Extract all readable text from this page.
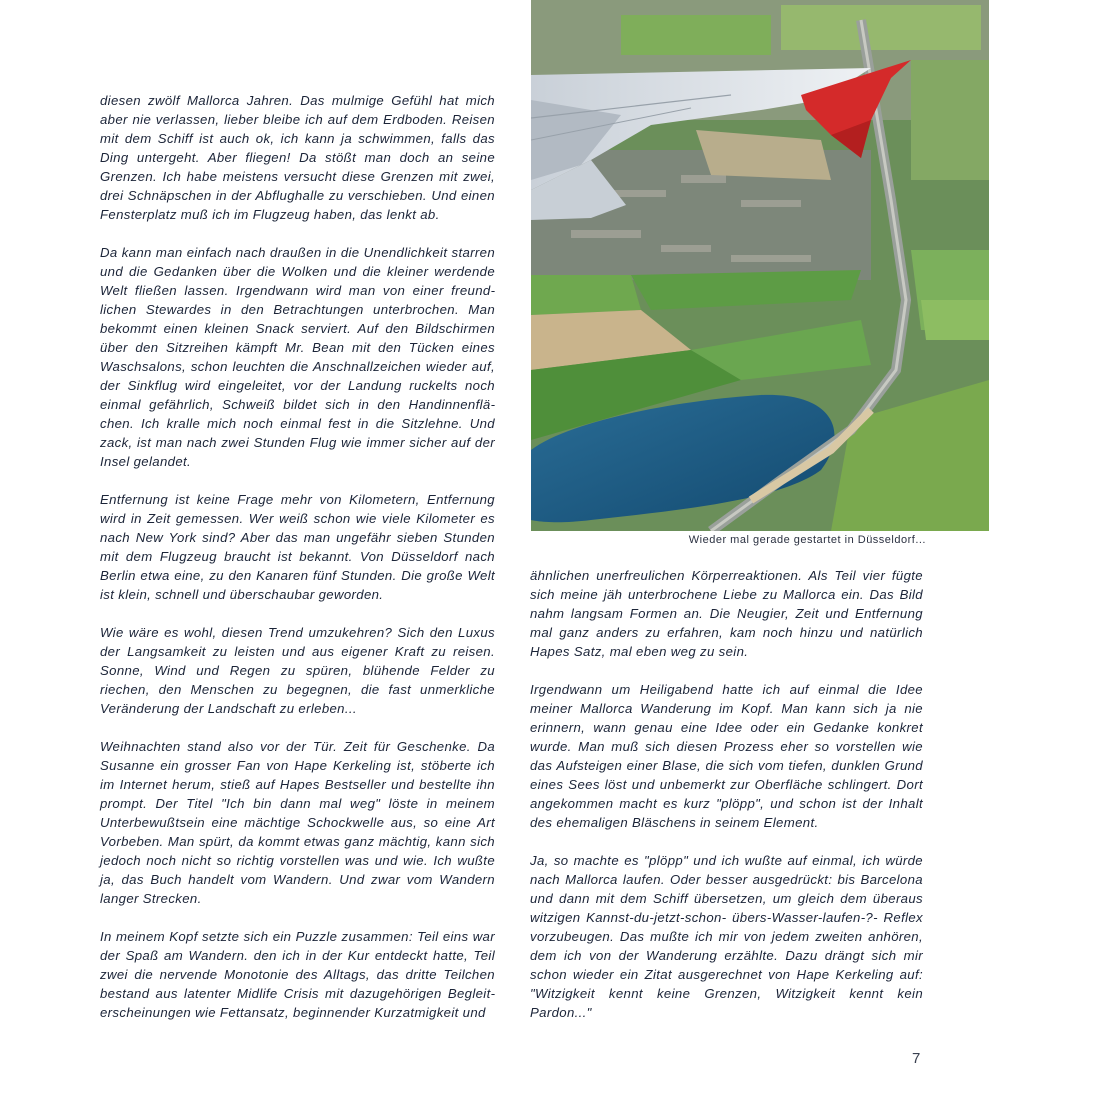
diesen zwölf Mallorca Jahren. Das mulmige Gefühl hat mich aber nie verlassen, lieber bleibe ich auf dem Erdboden. Reisen mit dem Schiff ist auch ok, ich kann ja schwimmen, falls das Ding untergeht. Aber fliegen! Da stößt man doch an seine Grenzen. Ich habe meistens versucht diese Grenzen mit zwei, drei Schnäpschen in der Abflughalle zu verschieben. Und einen Fensterplatz muß ich im Flugzeug haben, das lenkt ab.

Da kann man einfach nach draußen in die Unendlichkeit starren und die Gedanken über die Wolken und die kleiner werdende Welt fließen lassen. Irgendwann wird man von einer freundlichen Stewardes in den Betrachtungen unterbrochen. Man bekommt einen kleinen Snack serviert. Auf den Bildschirmen über den Sitzreihen kämpft Mr. Bean mit den Tücken eines Waschsalons, schon leuchten die Anschnallzeichen wieder auf, der Sinkflug wird eingeleitet, vor der Landung ruckelts noch einmal gefährlich, Schweiß bildet sich in den Handinnenflächen. Ich kralle mich noch einmal fest in die Sitzlehne. Und zack, ist man nach zwei Stunden Flug wie immer sicher auf der Insel gelandet.

Entfernung ist keine Frage mehr von Kilometern, Entfernung wird in Zeit gemessen. Wer weiß schon wie viele Kilometer es nach New York sind? Aber das man ungefähr sieben Stunden mit dem Flugzeug braucht ist bekannt. Von Düsseldorf nach Berlin etwa eine, zu den Kanaren fünf Stunden. Die große Welt ist klein, schnell und überschaubar geworden.

Wie wäre es wohl, diesen Trend umzukehren? Sich den Luxus der Langsamkeit zu leisten und aus eigener Kraft zu reisen. Sonne, Wind und Regen zu spüren, blühende Felder zu riechen, den Menschen zu begegnen, die fast unmerkliche Veränderung der Landschaft zu erleben...

Weihnachten stand also vor der Tür. Zeit für Geschenke. Da Susanne ein grosser Fan von Hape Kerkeling ist, stöberte ich im Internet herum, stieß auf Hapes Bestseller und bestellte ihn prompt. Der Titel "Ich bin dann mal weg" löste in meinem Unterbewußtsein eine mächtige Schockwelle aus, so eine Art Vorbeben. Man spürt, da kommt etwas ganz mächtig, kann sich jedoch noch nicht so richtig vorstellen was und wie. Ich wußte ja, das Buch handelt vom Wandern. Und zwar vom Wandern langer Strecken.

In meinem Kopf setzte sich ein Puzzle zusammen: Teil eins war der Spaß am Wandern. den ich in der Kur entdeckt hatte, Teil zwei die nervende Monotonie des Alltags, das dritte Teilchen bestand aus latenter Midlife Crisis mit dazugehörigen Begleiterscheinungen wie Fettansatz, beginnender Kurzatmigkeit und

Wieder mal gerade gestartet in Düsseldorf...

ähnlichen unerfreulichen Körperreaktionen. Als Teil vier fügte sich meine jäh unterbrochene Liebe zu Mallorca ein. Das Bild nahm langsam Formen an. Die Neugier, Zeit und Entfernung mal ganz anders zu erfahren, kam noch hinzu und natürlich Hapes Satz, mal eben weg zu sein.

Irgendwann um Heiligabend hatte ich auf einmal die Idee meiner Mallorca Wanderung im Kopf. Man kann sich ja nie erinnern, wann genau eine Idee oder ein Gedanke konkret wurde. Man muß sich diesen Prozess eher so vorstellen wie das Aufsteigen einer Blase, die sich vom tiefen, dunklen Grund eines Sees löst und unbemerkt zur Oberfläche schlingert. Dort angekommen macht es kurz "plöpp", und schon ist der Inhalt des ehemaligen Bläschens in seinem Element.

Ja, so machte es "plöpp" und ich wußte auf einmal, ich würde nach Mallorca laufen. Oder besser ausgedrückt: bis Barcelona und dann mit dem Schiff übersetzen, um gleich dem überaus witzigen Kannst-du-jetzt-schon- übers-Wasser-laufen-?- Reflex vorzubeugen. Das mußte ich mir von jedem zweiten anhören, dem ich von der Wanderung erzählte. Dazu drängt sich mir schon wieder ein Zitat ausgerechnet von Hape Kerkeling auf: "Witzigkeit kennt keine Grenzen, Witzigkeit kennt kein Pardon..."

7
